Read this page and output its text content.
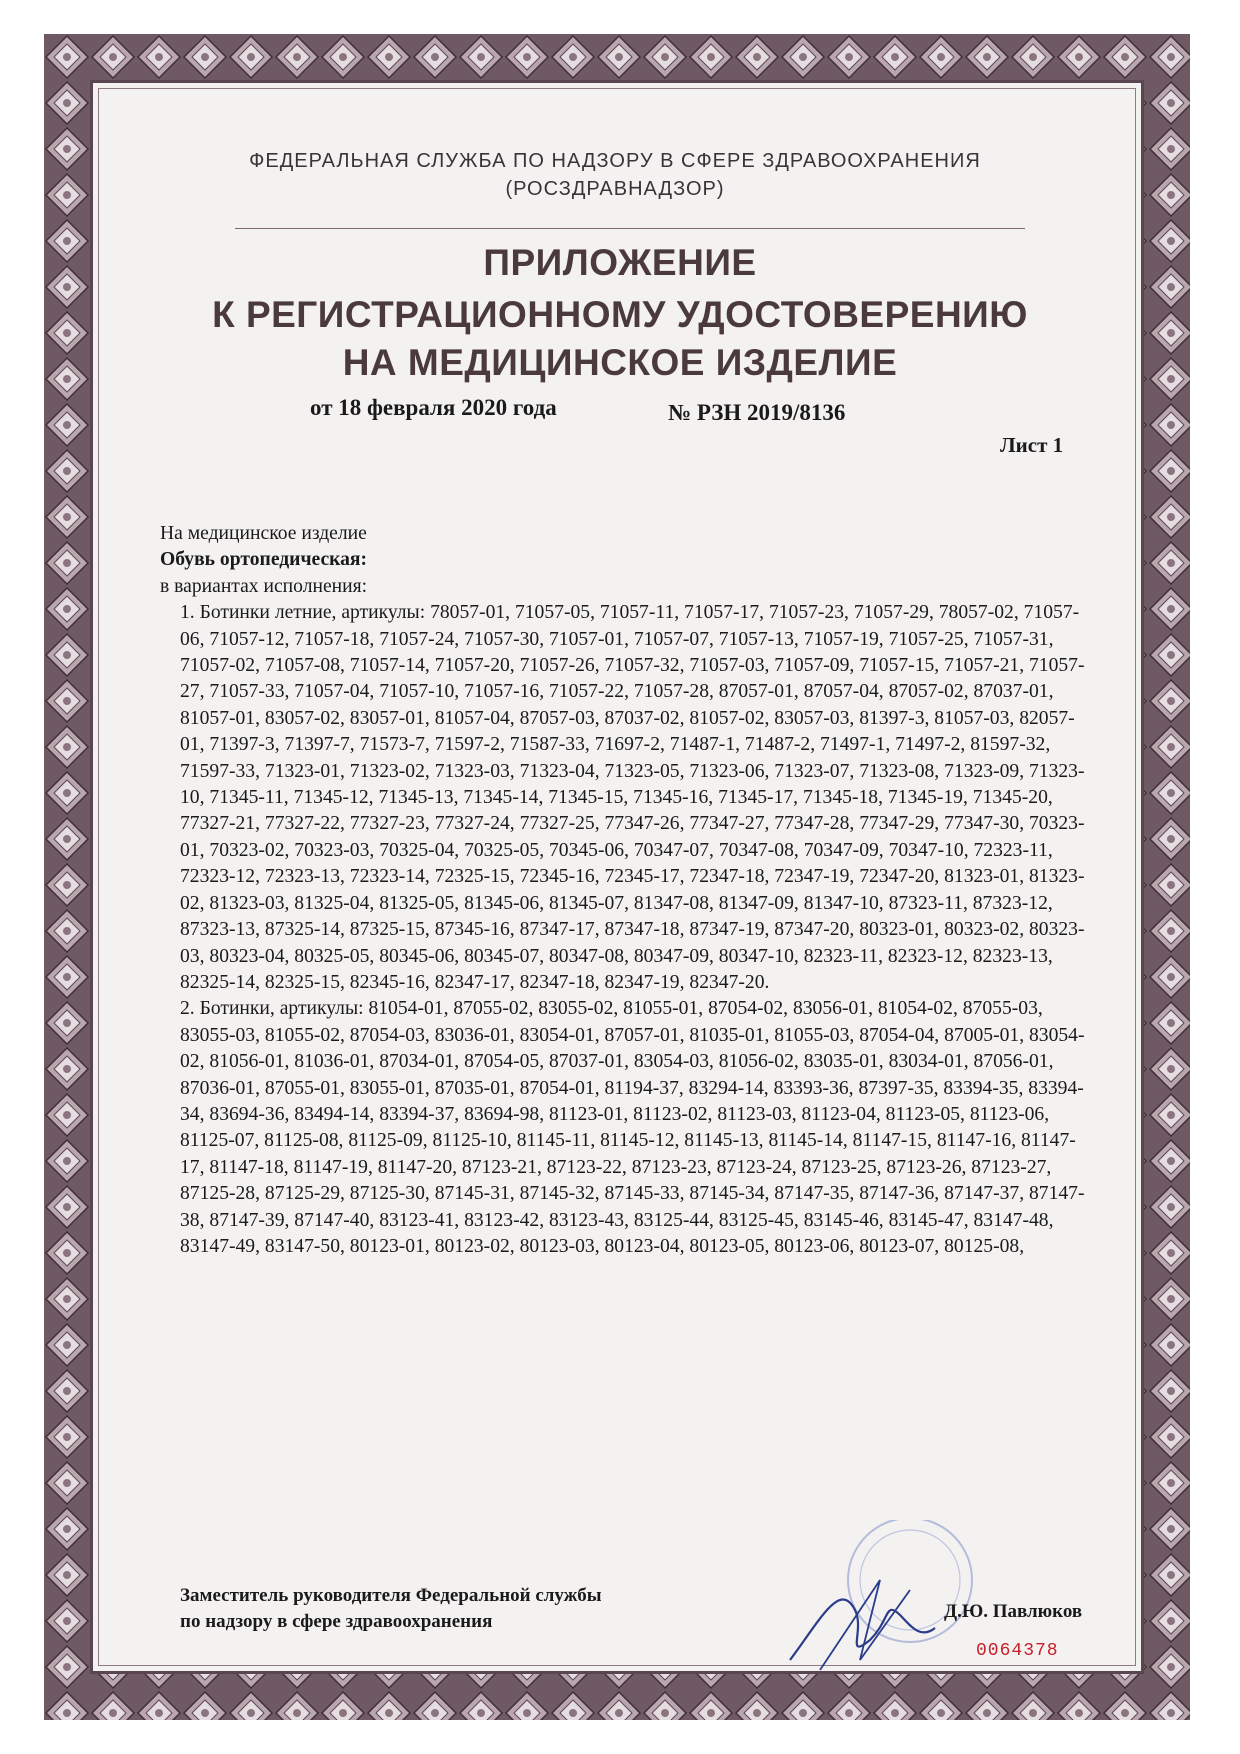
ФЕДЕРАЛЬНАЯ СЛУЖБА ПО НАДЗОРУ В СФЕРЕ ЗДРАВООХРАНЕНИЯ
(РОСЗДРАВНАДЗОР)
ПРИЛОЖЕНИЕ
К РЕГИСТРАЦИОННОМУ УДОСТОВЕРЕНИЮ
НА МЕДИЦИНСКОЕ ИЗДЕЛИЕ
от 18 февраля 2020 года	№ РЗН 2019/8136
Лист 1
На медицинское изделие
Обувь ортопедическая:
в вариантах исполнения:
1. Ботинки летние, артикулы: 78057-01, 71057-05, 71057-11, 71057-17, 71057-23, 71057-29, 78057-02, 71057-06, 71057-12, 71057-18, 71057-24, 71057-30, 71057-01, 71057-07, 71057-13, 71057-19, 71057-25, 71057-31, 71057-02, 71057-08, 71057-14, 71057-20, 71057-26, 71057-32, 71057-03, 71057-09, 71057-15, 71057-21, 71057-27, 71057-33, 71057-04, 71057-10, 71057-16, 71057-22, 71057-28, 87057-01, 87057-04, 87057-02, 87037-01, 81057-01, 83057-02, 83057-01, 81057-04, 87057-03, 87037-02, 81057-02, 83057-03, 81397-3, 81057-03, 82057-01, 71397-3, 71397-7, 71573-7, 71597-2, 71587-33, 71697-2, 71487-1, 71487-2, 71497-1, 71497-2, 81597-32, 71597-33, 71323-01, 71323-02, 71323-03, 71323-04, 71323-05, 71323-06, 71323-07, 71323-08, 71323-09, 71323-10, 71345-11, 71345-12, 71345-13, 71345-14, 71345-15, 71345-16, 71345-17, 71345-18, 71345-19, 71345-20, 77327-21, 77327-22, 77327-23, 77327-24, 77327-25, 77347-26, 77347-27, 77347-28, 77347-29, 77347-30, 70323-01, 70323-02, 70323-03, 70325-04, 70325-05, 70345-06, 70347-07, 70347-08, 70347-09, 70347-10, 72323-11, 72323-12, 72323-13, 72323-14, 72325-15, 72345-16, 72345-17, 72347-18, 72347-19, 72347-20, 81323-01, 81323-02, 81323-03, 81325-04, 81325-05, 81345-06, 81345-07, 81347-08, 81347-09, 81347-10, 87323-11, 87323-12, 87323-13, 87325-14, 87325-15, 87345-16, 87347-17, 87347-18, 87347-19, 87347-20, 80323-01, 80323-02, 80323-03, 80323-04, 80325-05, 80345-06, 80345-07, 80347-08, 80347-09, 80347-10, 82323-11, 82323-12, 82323-13, 82325-14, 82325-15, 82345-16, 82347-17, 82347-18, 82347-19, 82347-20.
2. Ботинки, артикулы: 81054-01, 87055-02, 83055-02, 81055-01, 87054-02, 83056-01, 81054-02, 87055-03, 83055-03, 81055-02, 87054-03, 83036-01, 83054-01, 87057-01, 81035-01, 81055-03, 87054-04, 87005-01, 83054-02, 81056-01, 81036-01, 87034-01, 87054-05, 87037-01, 83054-03, 81056-02, 83035-01, 83034-01, 87056-01, 87036-01, 87055-01, 83055-01, 87035-01, 87054-01, 81194-37, 83294-14, 83393-36, 87397-35, 83394-35, 83394-34, 83694-36, 83494-14, 83394-37, 83694-98, 81123-01, 81123-02, 81123-03, 81123-04, 81123-05, 81123-06, 81125-07, 81125-08, 81125-09, 81125-10, 81145-11, 81145-12, 81145-13, 81145-14, 81147-15, 81147-16, 81147-17, 81147-18, 81147-19, 81147-20, 87123-21, 87123-22, 87123-23, 87123-24, 87123-25, 87123-26, 87123-27, 87125-28, 87125-29, 87125-30, 87145-31, 87145-32, 87145-33, 87145-34, 87147-35, 87147-36, 87147-37, 87147-38, 87147-39, 87147-40, 83123-41, 83123-42, 83123-43, 83125-44, 83125-45, 83145-46, 83145-47, 83147-48, 83147-49, 83147-50, 80123-01, 80123-02, 80123-03, 80123-04, 80123-05, 80123-06, 80123-07, 80125-08,
Заместитель руководителя Федеральной службы
по надзору в сфере здравоохранения	Д.Ю. Павлюков
0064378
